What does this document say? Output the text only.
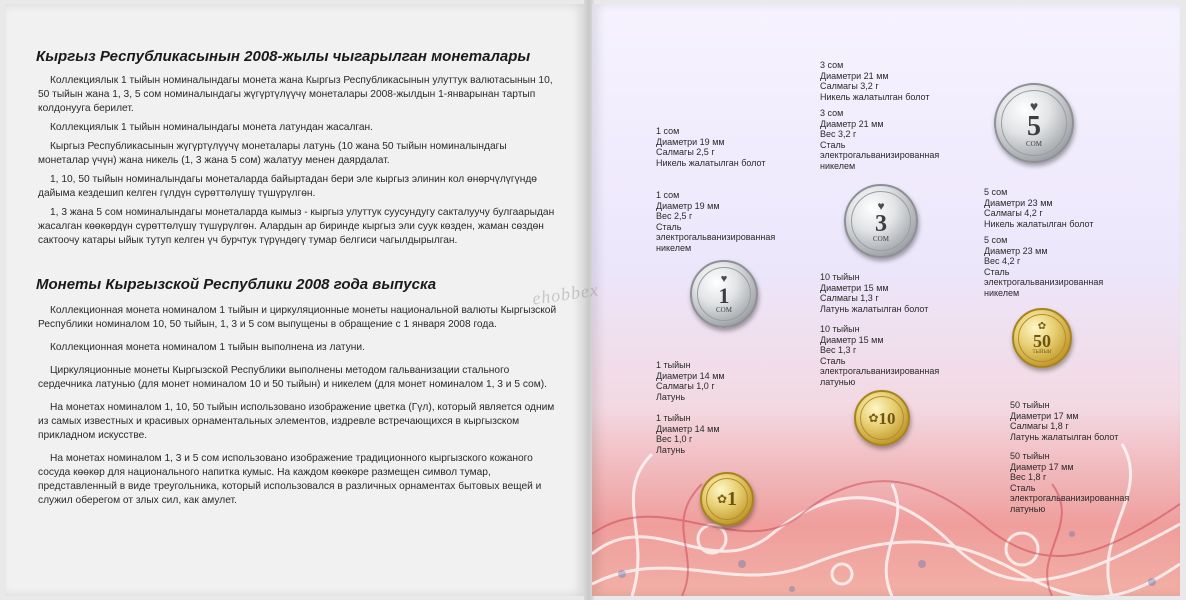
Кыргыз Республикасынын 2008-жылы чыгарылган монеталары

Коллекциялык 1 тыйын номиналындагы монета жана Кыргыз Республикасынын улуттук валютасынын 10, 50 тыйын жана 1, 3, 5 сом номиналындагы жүгүртүлүүчү монеталары 2008-жылдын 1-январынан тартып колдонууга берилет.

Коллекциялык 1 тыйын номиналындагы монета латундан жасалган.

Кыргыз Республикасынын жүгүртүлүүчү монеталары латунь (10 жана 50 тыйын номиналындагы монеталар үчүн) жана никель (1, 3 жана 5 сом) жалатуу менен даярдалат.

1, 10, 50 тыйын номиналындагы монеталарда байыртадан бери эле кыргыз элинин кол өнөрчүлүгүндө дайыма кездешип келген гүлдүн сүрөттөлүшү түшүрүлгөн.

1, 3 жана 5 сом номиналындагы монеталарда кымыз - кыргыз улуттук суусундугу сакталуучу булгаарыдан жасалган көөкөрдүн сүрөттөлүшү түшүрүлгөн. Алардын ар биринде кыргыз эли суук көзден, жаман сөздөн сактоочу катары ыйык тутуп келген үч бурчтук түрүндөгү тумар белгиси чагылдырылган.

Монеты Кыргызской Республики 2008 года выпуска

Коллекционная монета номиналом 1 тыйын и циркуляционные монеты национальной валюты Кыргызской Республики номиналом 10, 50 тыйын, 1, 3 и 5 сом выпущены в обращение с 1 января 2008 года.

Коллекционная монета номиналом 1 тыйын выполнена из латуни.

Циркуляционные монеты Кыргызской Республики выполнены методом гальванизации стального сердечника латунью (для монет номиналом 10 и 50 тыйын) и никелем (для монет номиналом 1, 3 и 5 сом).

На монетах номиналом 1, 10, 50 тыйын использовано изображение цветка (Гүл), который является одним из самых известных и красивых орнаментальных элементов, издревле встречающихся в кыргызском прикладном искусстве.

На монетах номиналом 1, 3 и 5 сом использовано изображение традиционного кыргызского кожаного сосуда көөкөр для национального напитка кумыс. На каждом көөкөре размещен символ тумар, представленный в виде треугольника, который использовался в различных орнаментах бытовых вещей и служил оберегом от злых сил, как амулет.

1 сом
Диаметри 19 мм
Салмагы 2,5 г
Никель жалатылган болот
1 сом
Диаметр 19 мм
Вес 2,5 г
Сталь
электрогальванизированная
никелем
3 сом
Диаметри 21 мм
Салмагы 3,2 г
Никель жалатылган болот
3 сом
Диаметр 21 мм
Вес 3,2 г
Сталь
электрогальванизированная
никелем
5 сом
Диаметри 23 мм
Салмагы 4,2 г
Никель жалатылган болот
5 сом
Диаметр 23 мм
Вес 4,2 г
Сталь
электрогальванизированная
никелем
10 тыйын
Диаметри 15 мм
Салмагы 1,3 г
Латунь жалатылган болот
10 тыйын
Диаметр 15 мм
Вес 1,3 г
Сталь
электрогальванизированная
латунью
1 тыйын
Диаметри 14 мм
Салмагы 1,0 г
Латунь
1 тыйын
Диаметр 14 мм
Вес 1,0 г
Латунь
50 тыйын
Диаметри 17 мм
Салмагы 1,8 г
Латунь жалатылган болот
50 тыйын
Диаметр 17 мм
Вес 1,8 г
Сталь
электрогальванизированная
латунью
♥
5
СОМ
♥
3
СОМ
♥
1
СОМ
✿
50
ТЫЙЫН
✿ 10
✿ 1
ehobbex
